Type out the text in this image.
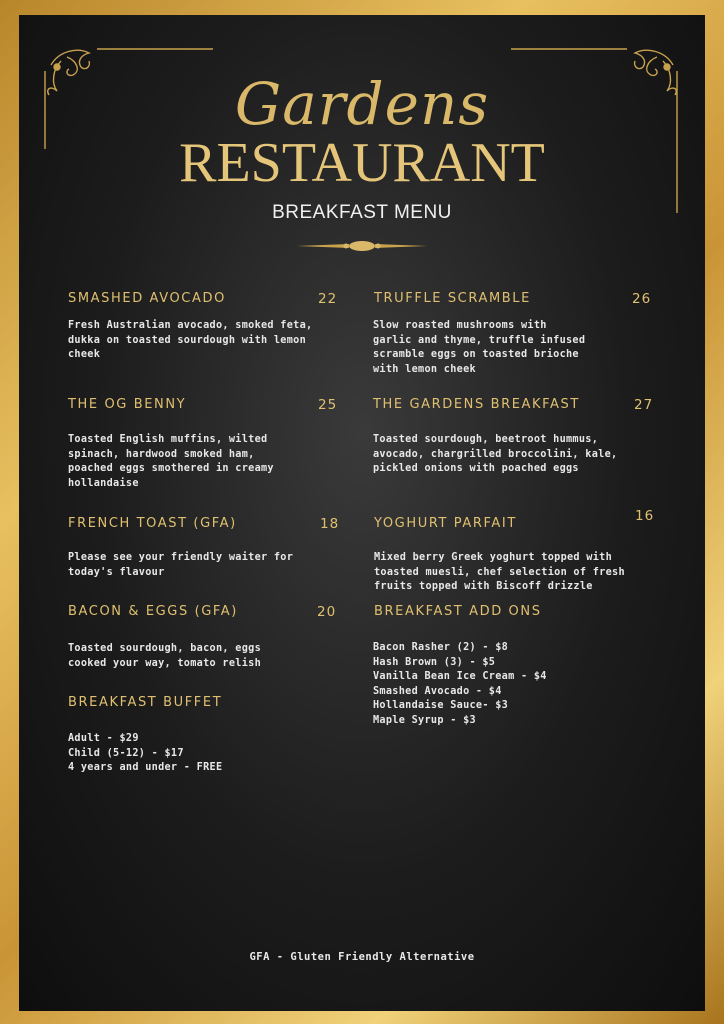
Gardens
RESTAURANT
BREAKFAST MENU
SMASHED AVOCADO	22
Fresh Australian avocado, smoked feta,
dukka on toasted sourdough with lemon
cheek
THE OG BENNY	25
Toasted English muffins, wilted
spinach, hardwood smoked ham,
poached eggs smothered in creamy
hollandaise
FRENCH TOAST (GFA)	18
Please see your friendly waiter for
today's flavour
BACON & EGGS (GFA)	20
Toasted sourdough, bacon, eggs
cooked your way, tomato relish
BREAKFAST BUFFET
Adult - $29
Child (5-12) - $17
4 years and under - FREE
TRUFFLE SCRAMBLE	26
Slow roasted mushrooms with
garlic and thyme, truffle infused
scramble eggs on toasted brioche
with lemon cheek
THE GARDENS BREAKFAST	27
Toasted sourdough, beetroot hummus,
avocado, chargrilled broccolini, kale,
pickled onions with poached eggs
YOGHURT PARFAIT	16
Mixed berry Greek yoghurt topped with
toasted muesli, chef selection of fresh
fruits topped with Biscoff drizzle
BREAKFAST ADD ONS
Bacon Rasher (2) - $8
Hash Brown (3) - $5
Vanilla Bean Ice Cream - $4
Smashed Avocado - $4
Hollandaise Sauce- $3
Maple Syrup - $3
GFA - Gluten Friendly Alternative
